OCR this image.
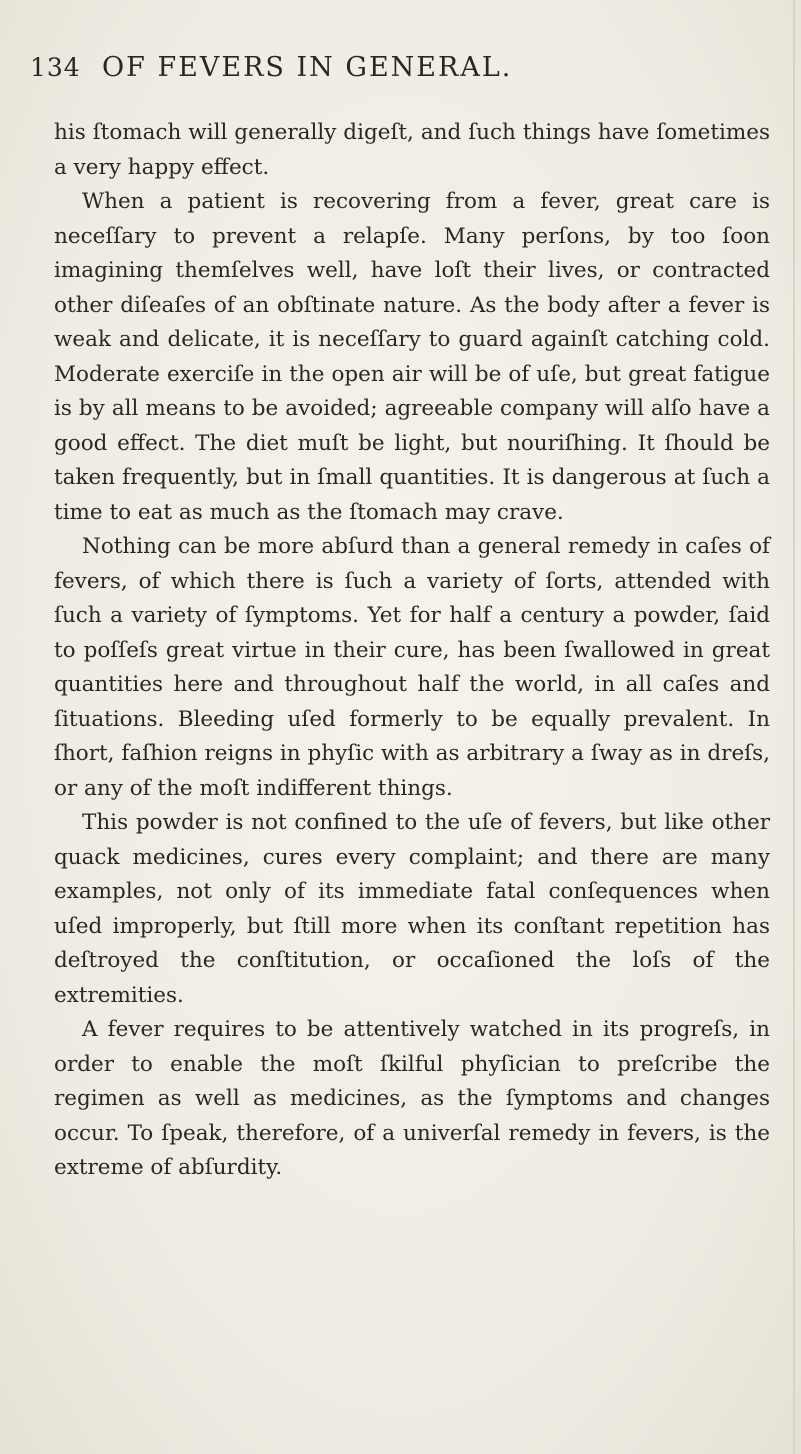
134 OF FEVERS IN GENERAL.

his ſtomach will generally digeſt, and ſuch things have ſometimes a very happy effect.

When a patient is recovering from a fever, great care is neceſſary to prevent a relapſe. Many perſons, by too ſoon imagining themſelves well, have loſt their lives, or contracted other diſeaſes of an obſtinate nature. As the body after a fever is weak and delicate, it is neceſſary to guard againſt catching cold. Moderate exerciſe in the open air will be of uſe, but great fatigue is by all means to be avoided; agreeable company will alſo have a good effect. The diet muſt be light, but nouriſhing. It ſhould be taken frequently, but in ſmall quantities. It is dangerous at ſuch a time to eat as much as the ſtomach may crave.

Nothing can be more abſurd than a general remedy in caſes of fevers, of which there is ſuch a variety of ſorts, attended with ſuch a variety of ſymptoms. Yet for half a century a powder, ſaid to poſſeſs great virtue in their cure, has been ſwallowed in great quantities here and throughout half the world, in all caſes and ſituations. Bleeding uſed formerly to be equally prevalent. In ſhort, faſhion reigns in phyſic with as arbitrary a ſway as in dreſs, or any of the moſt indifferent things.

This powder is not confined to the uſe of fevers, but like other quack medicines, cures every complaint; and there are many examples, not only of its immediate fatal conſequences when uſed improperly, but ſtill more when its conſtant repetition has deſtroyed the conſtitution, or occaſioned the loſs of the extremities.

A fever requires to be attentively watched in its progreſs, in order to enable the moſt ſkilful phyſician to preſcribe the regimen as well as medicines, as the ſymptoms and changes occur. To ſpeak, therefore, of a univerſal remedy in fevers, is the extreme of abſurdity.
